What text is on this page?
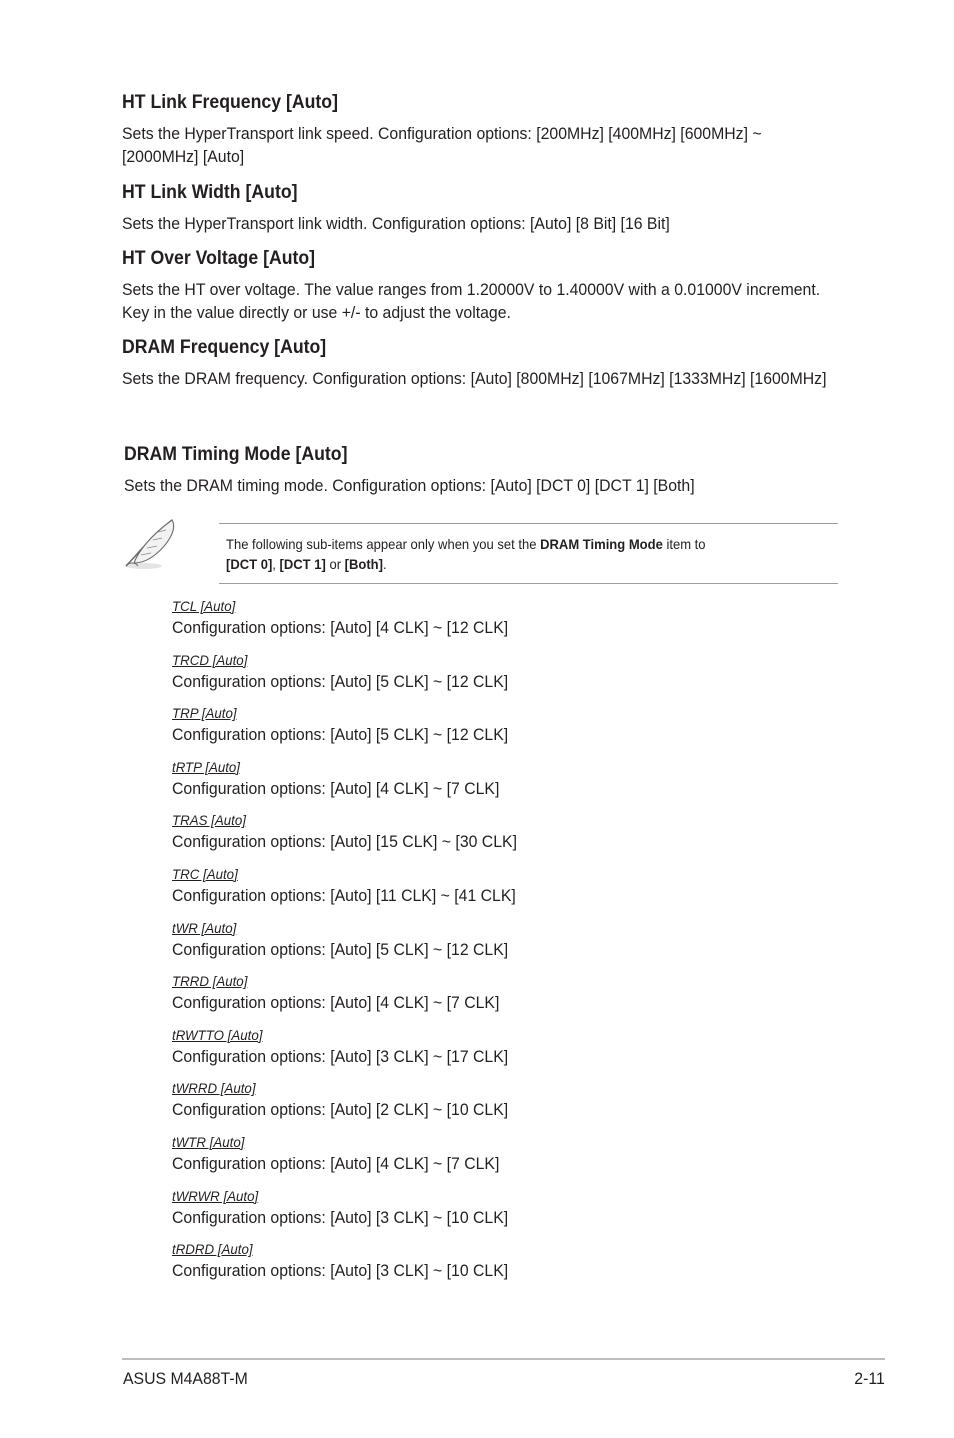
HT Link Frequency [Auto]

Sets the HyperTransport link speed. Configuration options: [200MHz] [400MHz] [600MHz] ~ [2000MHz] [Auto]

HT Link Width [Auto]

Sets the HyperTransport link width. Configuration options: [Auto] [8 Bit] [16 Bit]

HT Over Voltage [Auto]

Sets the HT over voltage. The value ranges from 1.20000V to 1.40000V with a 0.01000V increment. Key in the value directly or use +/- to adjust the voltage.

DRAM Frequency [Auto]

Sets the DRAM frequency. Configuration options: [Auto] [800MHz] [1067MHz] [1333MHz] [1600MHz]

DRAM Timing Mode [Auto]

Sets the DRAM timing mode. Configuration options: [Auto] [DCT 0] [DCT 1] [Both]

The following sub-items appear only when you set the DRAM Timing Mode item to
[DCT 0], [DCT 1] or [Both].
TCL [Auto]
Configuration options: [Auto] [4 CLK] ~ [12 CLK]
TRCD [Auto]
Configuration options: [Auto] [5 CLK] ~ [12 CLK]
TRP [Auto]
Configuration options: [Auto] [5 CLK] ~ [12 CLK]
tRTP [Auto]
Configuration options: [Auto] [4 CLK] ~ [7 CLK]
TRAS [Auto]
Configuration options: [Auto] [15 CLK] ~ [30 CLK]
TRC [Auto]
Configuration options: [Auto] [11 CLK] ~ [41 CLK]
tWR [Auto]
Configuration options: [Auto] [5 CLK] ~ [12 CLK]
TRRD [Auto]
Configuration options: [Auto] [4 CLK] ~ [7 CLK]
tRWTTO [Auto]
Configuration options: [Auto] [3 CLK] ~ [17 CLK]
tWRRD [Auto]
Configuration options: [Auto] [2 CLK] ~ [10 CLK]
tWTR [Auto]
Configuration options: [Auto] [4 CLK] ~ [7 CLK]
tWRWR [Auto]
Configuration options: [Auto] [3 CLK] ~ [10 CLK]
tRDRD [Auto]
Configuration options: [Auto] [3 CLK] ~ [10 CLK]
ASUS M4A88T-M	2-11
